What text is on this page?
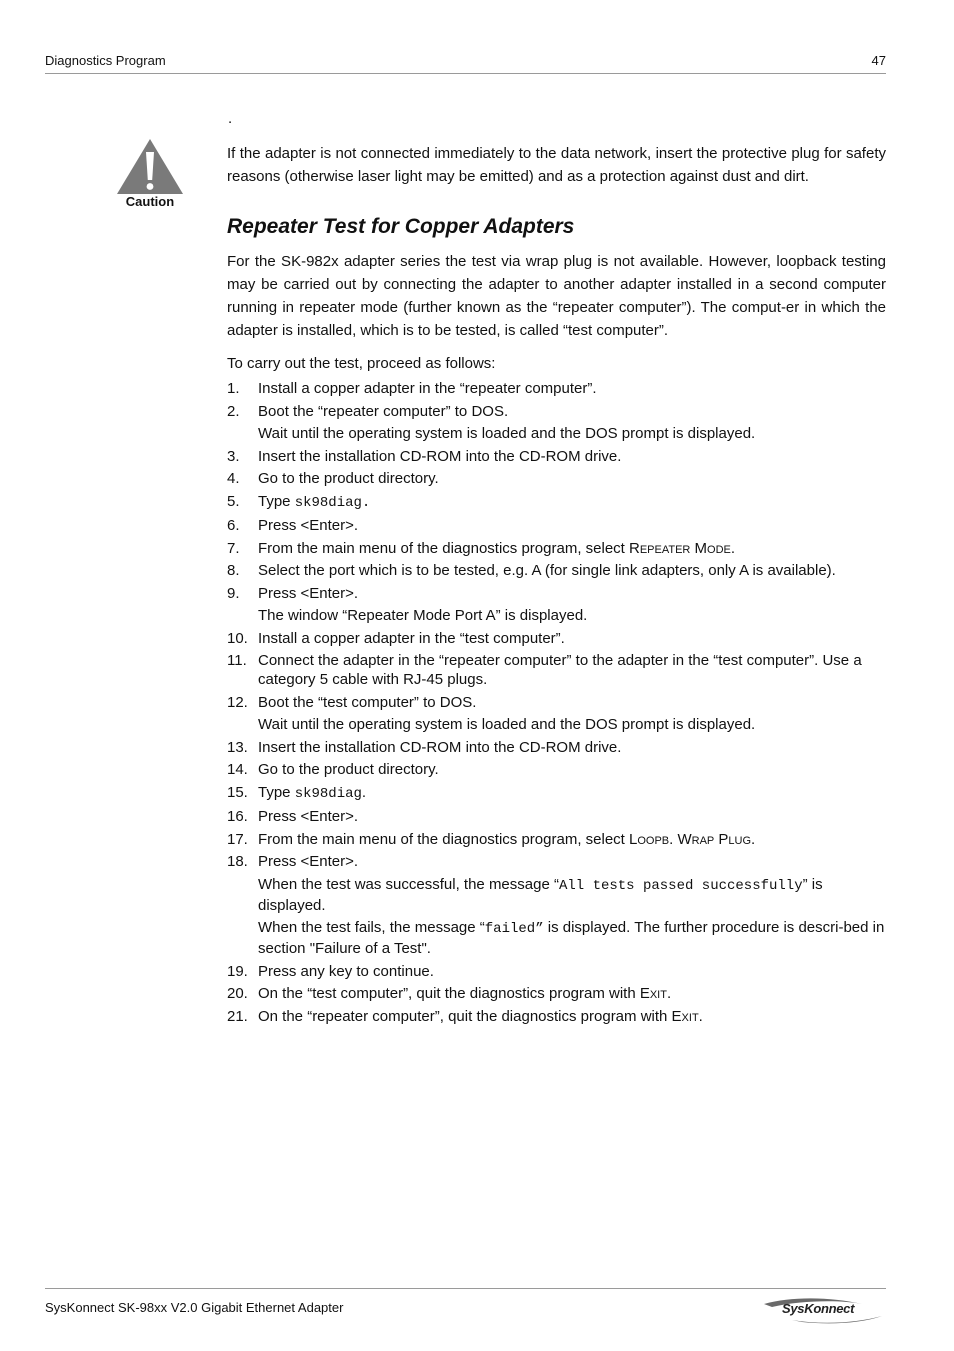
Diagnostics Program	47
.
Caution

If the adapter is not connected immediately to the data network, insert the protective plug for safety reasons (otherwise laser light may be emitted) and as a protection against dust and dirt.

Repeater Test for Copper Adapters

For the SK-982x adapter series the test via wrap plug is not available. However, loopback testing may be carried out by connecting the adapter to another adapter installed in a second computer running in repeater mode (further known as the “repeater computer”). The comput-er in which the adapter is installed, which is to be tested, is called “test computer”.

To carry out the test, proceed as follows:

1. Install a copper adapter in the “repeater computer”.
2. Boot the “repeater computer” to DOS.
Wait until the operating system is loaded and the DOS prompt is displayed.
3. Insert the installation CD-ROM into the CD-ROM drive.
4. Go to the product directory.
5. Type sk98diag.
6. Press <Enter>.
7. From the main menu of the diagnostics program, select Repeater Mode.
8. Select the port which is to be tested, e.g. A (for single link adapters, only A is available).
9. Press <Enter>.
The window “Repeater Mode Port A” is displayed.
10. Install a copper adapter in the “test computer”.
11. Connect the adapter in the “repeater computer” to the adapter in the “test computer”. Use a category 5 cable with RJ-45 plugs.
12. Boot the “test computer” to DOS.
Wait until the operating system is loaded and the DOS prompt is displayed.
13. Insert the installation CD-ROM into the CD-ROM drive.
14. Go to the product directory.
15. Type sk98diag.
16. Press <Enter>.
17. From the main menu of the diagnostics program, select Loopb. Wrap Plug.
18. Press <Enter>.
When the test was successful, the message “All tests passed successfully” is displayed.
When the test fails, the message “failed” is displayed. The further procedure is descri-bed in section "Failure of a Test".
19. Press any key to continue.
20. On the “test computer”, quit the diagnostics program with Exit.
21. On the “repeater computer”, quit the diagnostics program with Exit.
SysKonnect SK-98xx V2.0 Gigabit Ethernet Adapter	SysKonnect
